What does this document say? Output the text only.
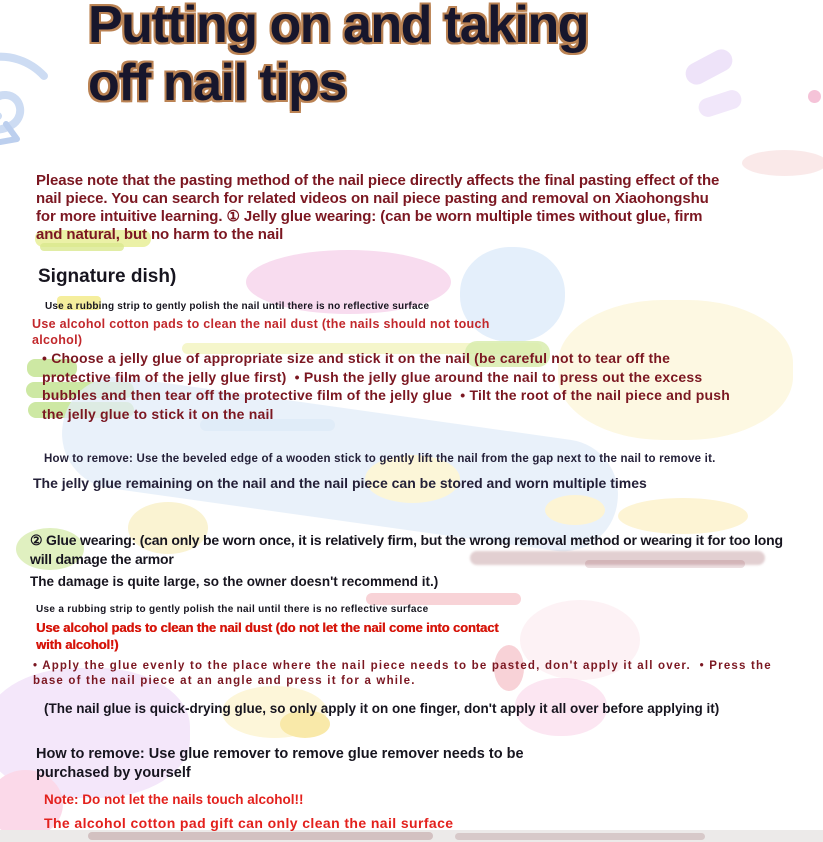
Putting on and taking
off nail tips
Please note that the pasting method of the nail piece directly affects the final pasting effect of the nail piece. You can search for related videos on nail piece pasting and removal on Xiaohongshu for more intuitive learning. ① Jelly glue wearing: (can be worn multiple times without glue, firm and natural, but no harm to the nail
Signature dish)
Use a rubbing strip to gently polish the nail until there is no reflective surface
Use alcohol cotton pads to clean the nail dust (the nails should not touch alcohol)
• Choose a jelly glue of appropriate size and stick it on the nail (be careful not to tear off the protective film of the jelly glue first)  • Push the jelly glue around the nail to press out the excess bubbles and then tear off the protective film of the jelly glue  • Tilt the root of the nail piece and push the jelly glue to stick it on the nail
How to remove: Use the beveled edge of a wooden stick to gently lift the nail from the gap next to the nail to remove it.
The jelly glue remaining on the nail and the nail piece can be stored and worn multiple times
② Glue wearing: (can only be worn once, it is relatively firm, but the wrong removal method or wearing it for too long will damage the armor
The damage is quite large, so the owner doesn't recommend it.)
Use a rubbing strip to gently polish the nail until there is no reflective surface
Use alcohol pads to clean the nail dust (do not let the nail come into contact with alcohol!)
• Apply the glue evenly to the place where the nail piece needs to be pasted, don't apply it all over.  • Press the base of the nail piece at an angle and press it for a while.
(The nail glue is quick-drying glue, so only apply it on one finger, don't apply it all over before applying it)
How to remove: Use glue remover to remove glue remover needs to be purchased by yourself
Note: Do not let the nails touch alcohol!!
The alcohol cotton pad gift can only clean the nail surface
